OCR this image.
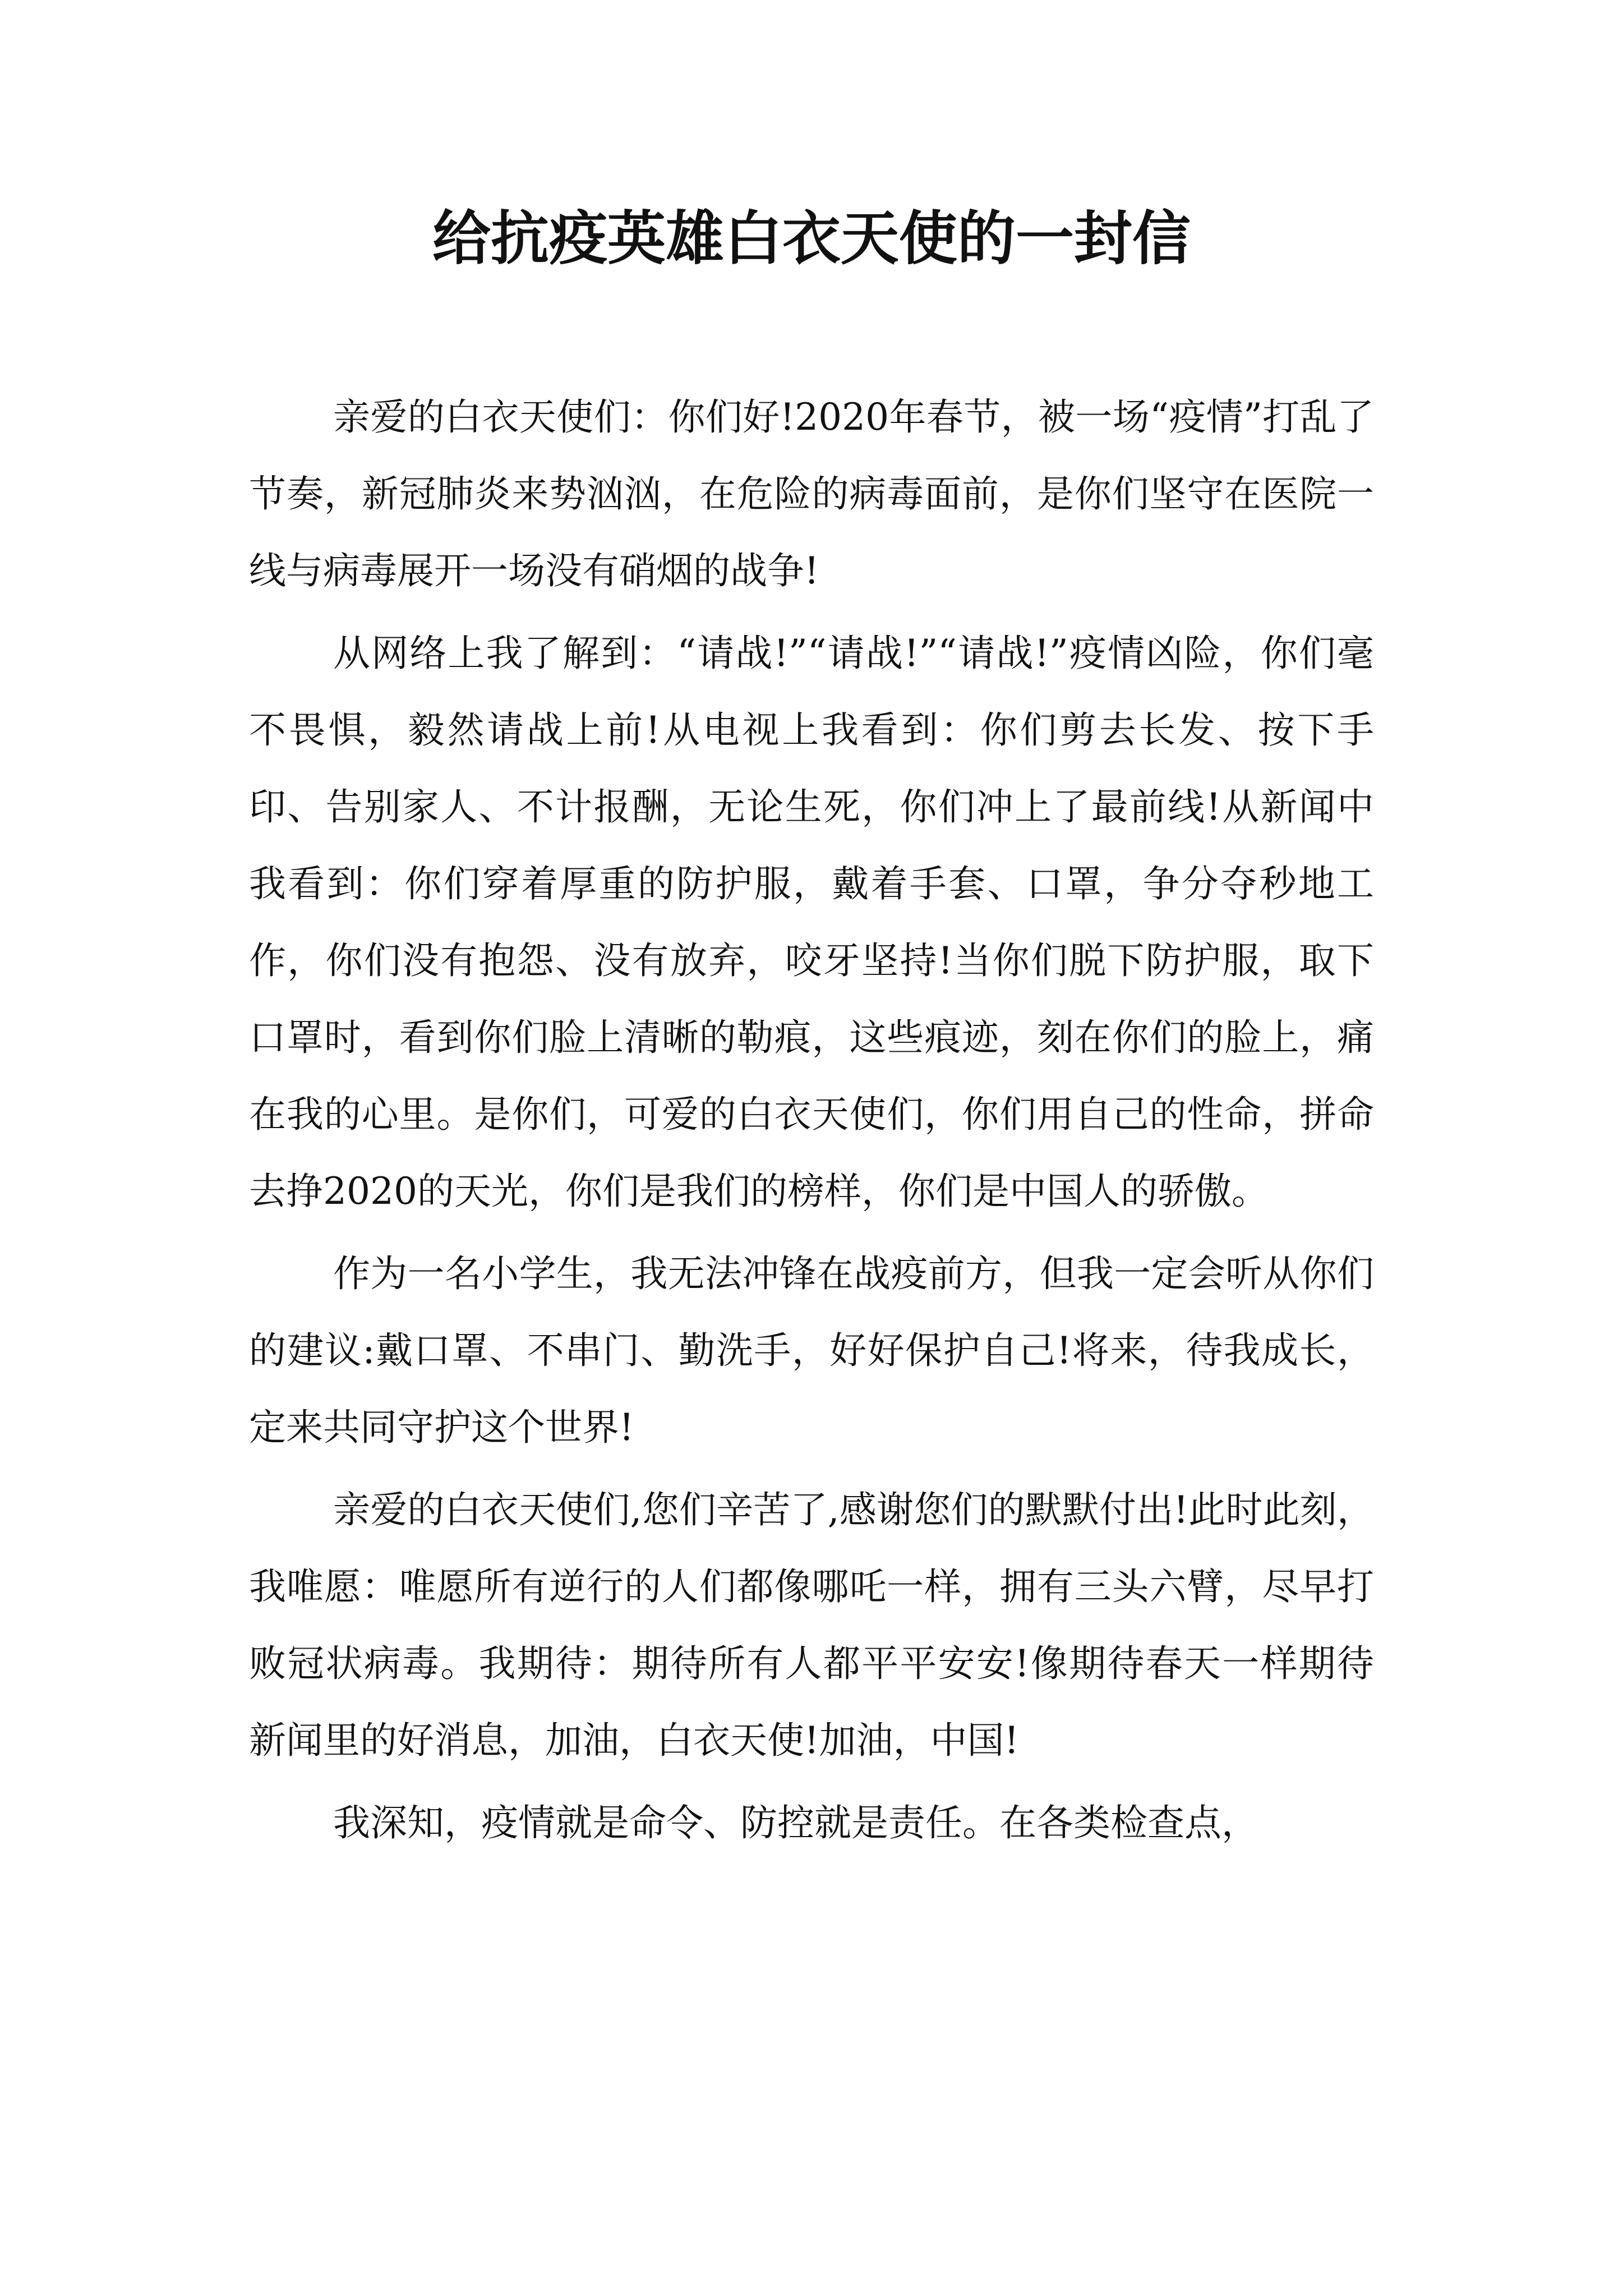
给抗疫英雄白衣天使的一封信

亲爱的白衣天使们：你们好!2020年春节，被一场“疫情”打乱了节奏，新冠肺炎来势汹汹，在危险的病毒面前，是你们坚守在医院一线与病毒展开一场没有硝烟的战争!

从网络上我了解到：“请战!”“请战!”“请战!”疫情凶险，你们毫不畏惧，毅然请战上前!从电视上我看到：你们剪去长发、按下手印、告别家人、不计报酬，无论生死，你们冲上了最前线!从新闻中我看到：你们穿着厚重的防护服，戴着手套、口罩，争分夺秒地工作，你们没有抱怨、没有放弃，咬牙坚持!当你们脱下防护服，取下口罩时，看到你们脸上清晰的勒痕，这些痕迹，刻在你们的脸上，痛在我的心里。是你们，可爱的白衣天使们，你们用自己的性命，拼命去挣2020的天光，你们是我们的榜样，你们是中国人的骄傲。

作为一名小学生，我无法冲锋在战疫前方，但我一定会听从你们的建议:戴口罩、不串门、勤洗手，好好保护自己!将来，待我成长，定来共同守护这个世界!

亲爱的白衣天使们,您们辛苦了,感谢您们的默默付出!此时此刻，我唯愿：唯愿所有逆行的人们都像哪吒一样，拥有三头六臂，尽早打败冠状病毒。我期待：期待所有人都平平安安!像期待春天一样期待新闻里的好消息，加油，白衣天使!加油，中国!

我深知，疫情就是命令、防控就是责任。在各类检查点，
